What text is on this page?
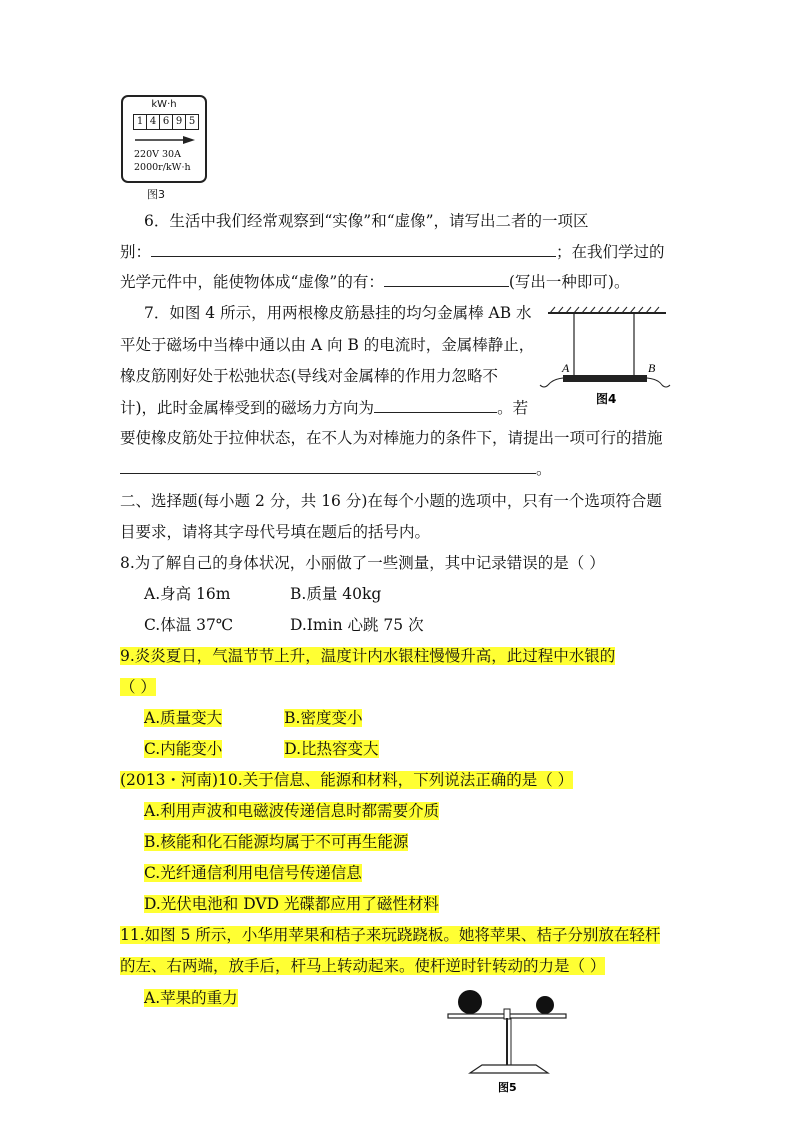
kW·h
1 4 6 9 5
220V 30A
2000r/kW·h
图3
6．生活中我们经常观察到“实像”和“虚像”，请写出二者的一项区
别：	；在我们学过的
光学元件中，能使物体成“虚像”的有：	(写出一种即可)。
7．如图 4 所示，用两根橡皮筋悬挂的均匀金属棒 AB 水
平处于磁场中当棒中通以由 A 向 B 的电流时，金属棒静止，
橡皮筋刚好处于松弛状态(导线对金属棒的作用力忽略不
计)，此时金属棒受到的磁场力方向为	。若
要使橡皮筋处于拉伸状态，在不人为对棒施力的条件下，请提出一项可行的措施
。
A	B
图4
二、选择题(每小题 2 分，共 16 分)在每个小题的选项中，只有一个选项符合题
目要求，请将其字母代号填在题后的括号内。
8.为了解自己的身体状况，小丽做了一些测量，其中记录错误的是（ ）
A.身高 16m	B.质量 40kg
C.体温 37℃	D.Imin 心跳 75 次
9.炎炎夏日，气温节节上升，温度计内水银柱慢慢升高，此过程中水银的
（ ）
A.质量变大	B.密度变小
C.内能变小	D.比热容变大
(2013・河南)10.关于信息、能源和材料，下列说法正确的是（ ）
A.利用声波和电磁波传递信息时都需要介质
B.核能和化石能源均属于不可再生能源
C.光纤通信利用电信号传递信息
D.光伏电池和 DVD 光碟都应用了磁性材料
11.如图 5 所示，小华用苹果和桔子来玩跷跷板。她将苹果、桔子分别放在轻杆
的左、右两端，放手后，杆马上转动起来。使杆逆时针转动的力是（ ）
A.苹果的重力
图5
